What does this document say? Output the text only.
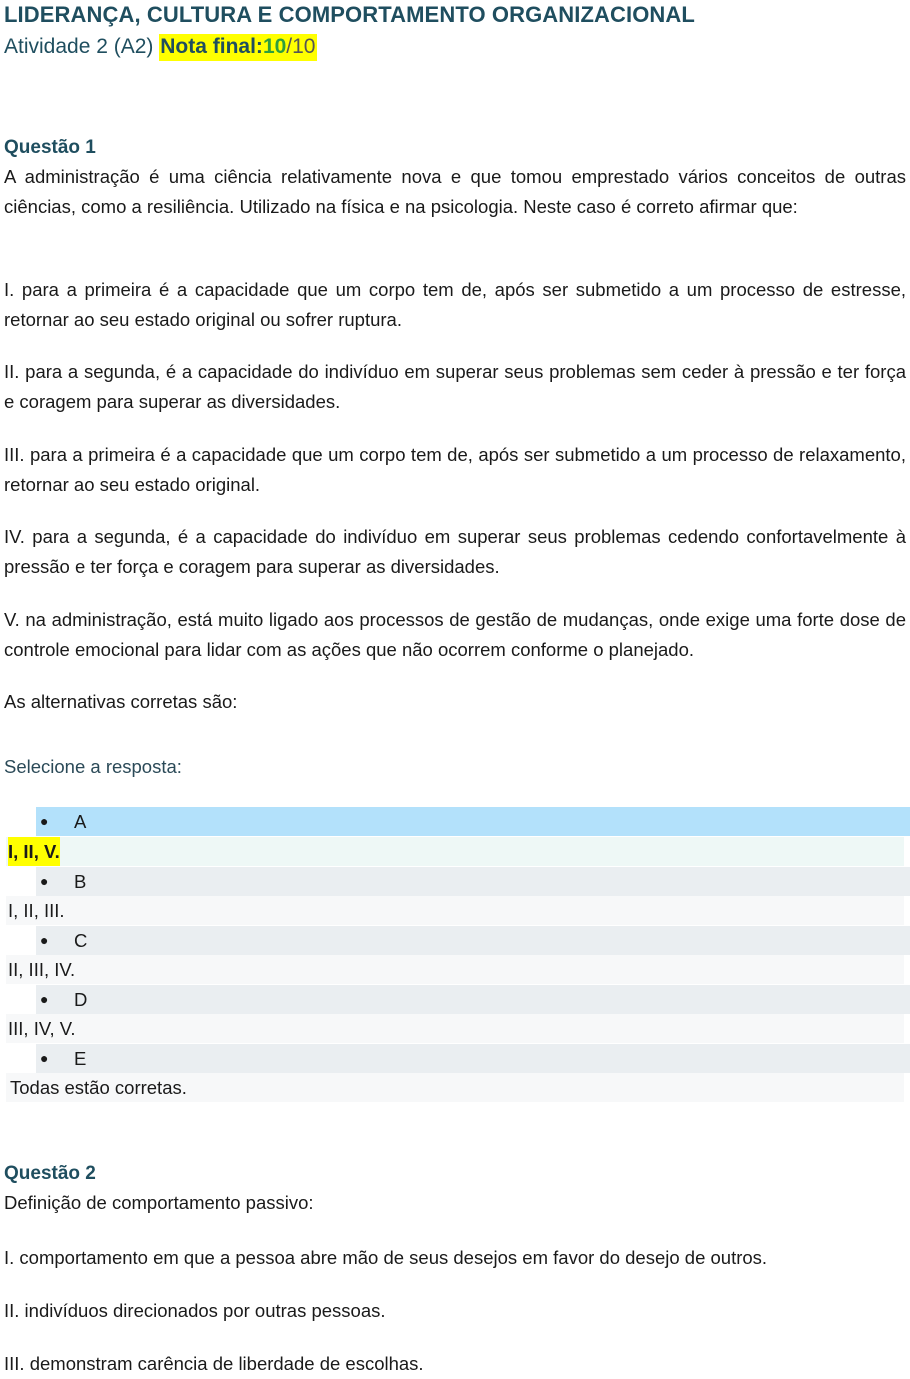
LIDERANÇA, CULTURA E COMPORTAMENTO ORGANIZACIONAL
Atividade 2 (A2) Nota final:10/10
Questão 1

A administração é uma ciência relativamente nova e que tomou emprestado vários conceitos de outras ciências, como a resiliência. Utilizado na física e na psicologia. Neste caso é correto afirmar que:

I. para a primeira é a capacidade que um corpo tem de, após ser submetido a um processo de estresse, retornar ao seu estado original ou sofrer ruptura.

II. para a segunda, é a capacidade do indivíduo em superar seus problemas sem ceder à pressão e ter força e coragem para superar as diversidades.

III. para a primeira é a capacidade que um corpo tem de, após ser submetido a um processo de relaxamento, retornar ao seu estado original.

IV. para a segunda, é a capacidade do indivíduo em superar seus problemas cedendo confortavelmente à pressão e ter força e coragem para superar as diversidades.

V. na administração, está muito ligado aos processos de gestão de mudanças, onde exige uma forte dose de controle emocional para lidar com as ações que não ocorrem conforme o planejado.

As alternativas corretas são:

Selecione a resposta:
● A
I, II, V.
● B
I, II, III.
● C
II, III, IV.
● D
III, IV, V.
● E
Todas estão corretas.
Questão 2

Definição de comportamento passivo:

I. comportamento em que a pessoa abre mão de seus desejos em favor do desejo de outros.

II. indivíduos direcionados por outras pessoas.

III. demonstram carência de liberdade de escolhas.
